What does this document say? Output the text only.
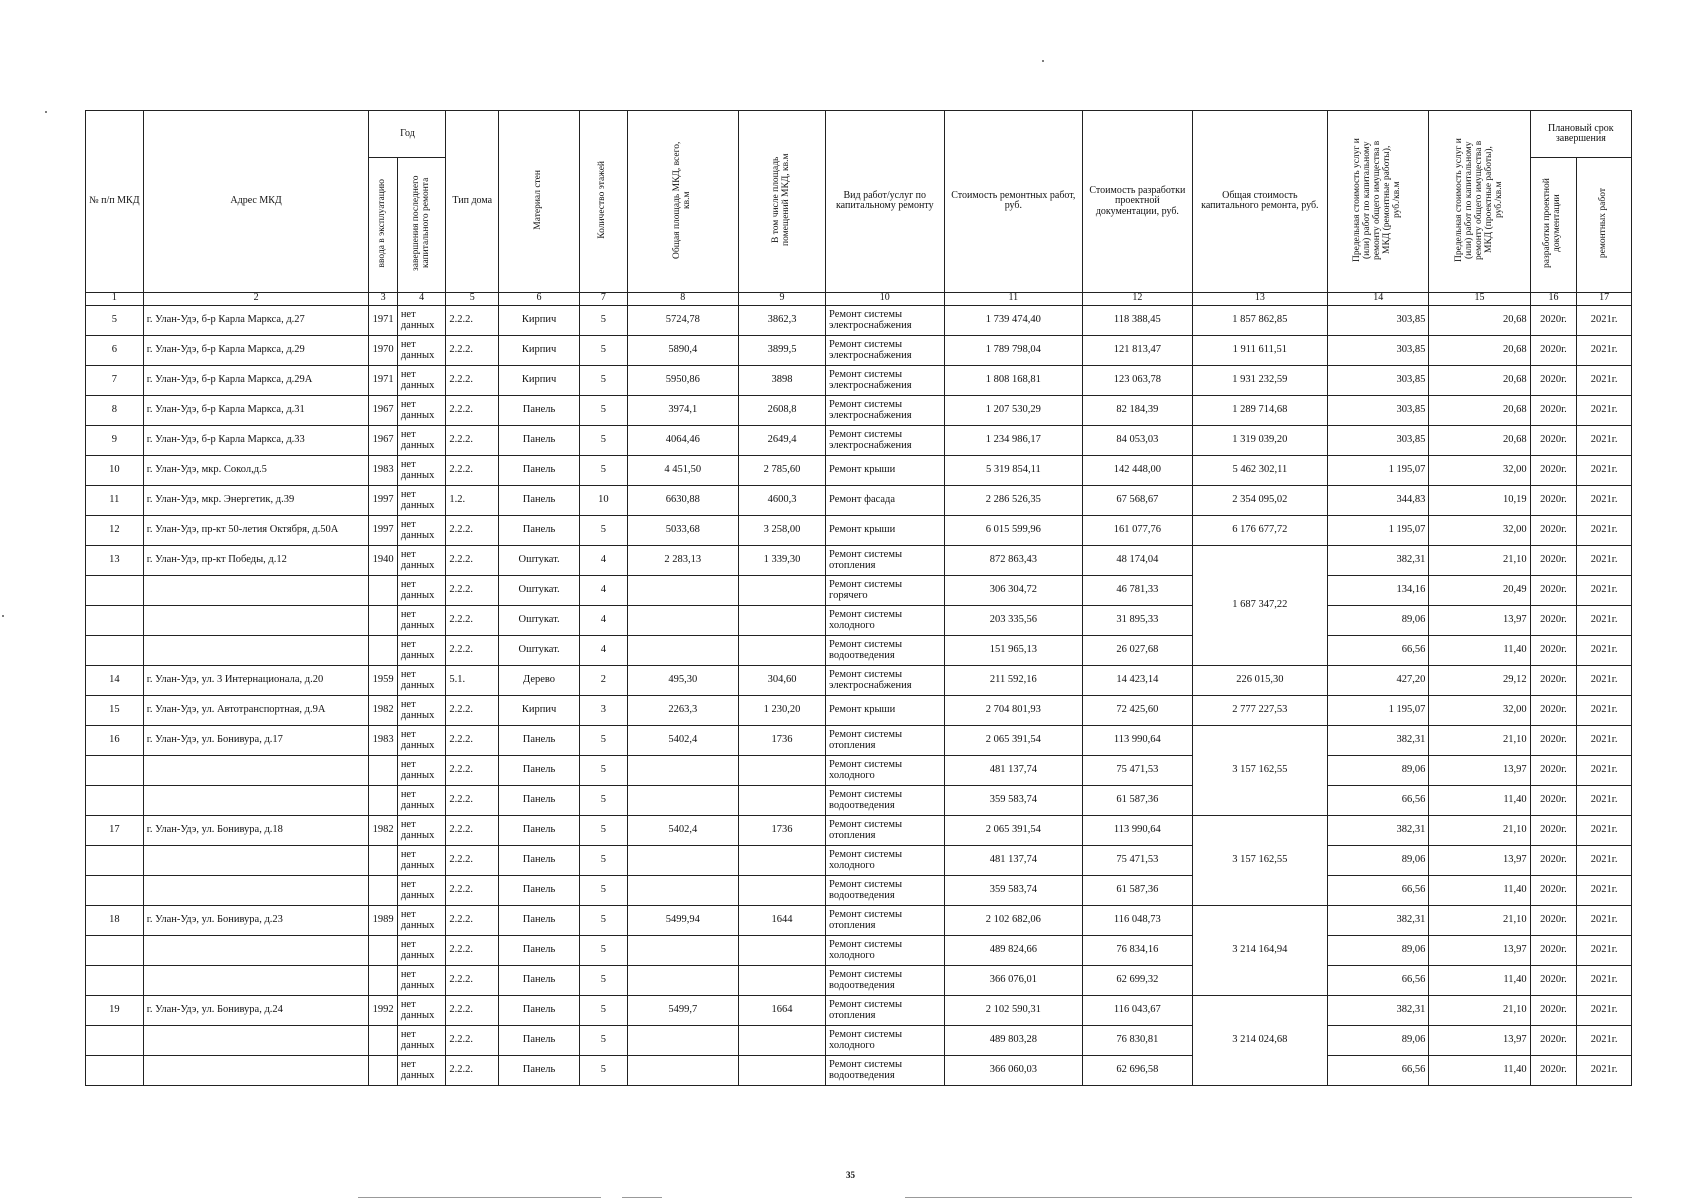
№ п/п МКД	Адрес МКД	Год		Тип дома	Материал стен	Количество этажей	Общая площадь МКД, всего, кв.м	В том числе площадь помещений МКД, кв.м	Вид работ/услуг по капитальному ремонту	Стоимость ремонтных работ, руб.	Стоимость разработки проектной документации, руб.	Общая стоимость капитального ремонта, руб.	Предельная стоимость услуг и (или) работ по капитальному ремонту общего имущества в МКД (ремонтные работы), руб./кв.м	Предельная стоимость услуг и (или) работ по капитальному ремонту общего имущества в МКД (проектные работы), руб./кв.м	Плановый срок завершения	
		ввода в эксплуатацию	завершения последнего капитального ремонта												разработки проектной документации	ремонтных работ
1	2	3	4	5	6	7	8	9	10	11	12	13	14	15	16	17
5	г. Улан-Удэ, б-р Карла Маркса, д.27	1971	нет данных	2.2.2.	Кирпич	5	5724,78	3862,3	Ремонт системы электроснабжения	1 739 474,40	118 388,45	1 857 862,85	303,85	20,68	2020г.	2021г.
6	г. Улан-Удэ, б-р Карла Маркса, д.29	1970	нет данных	2.2.2.	Кирпич	5	5890,4	3899,5	Ремонт системы электроснабжения	1 789 798,04	121 813,47	1 911 611,51	303,85	20,68	2020г.	2021г.
7	г. Улан-Удэ, б-р Карла Маркса, д.29А	1971	нет данных	2.2.2.	Кирпич	5	5950,86	3898	Ремонт системы электроснабжения	1 808 168,81	123 063,78	1 931 232,59	303,85	20,68	2020г.	2021г.
8	г. Улан-Удэ, б-р Карла Маркса, д.31	1967	нет данных	2.2.2.	Панель	5	3974,1	2608,8	Ремонт системы электроснабжения	1 207 530,29	82 184,39	1 289 714,68	303,85	20,68	2020г.	2021г.
9	г. Улан-Удэ, б-р Карла Маркса, д.33	1967	нет данных	2.2.2.	Панель	5	4064,46	2649,4	Ремонт системы электроснабжения	1 234 986,17	84 053,03	1 319 039,20	303,85	20,68	2020г.	2021г.
10	г. Улан-Удэ, мкр. Сокол,д.5	1983	нет данных	2.2.2.	Панель	5	4 451,50	2 785,60	Ремонт крыши	5 319 854,11	142 448,00	5 462 302,11	1 195,07	32,00	2020г.	2021г.
11	г. Улан-Удэ, мкр. Энергетик, д.39	1997	нет данных	1.2.	Панель	10	6630,88	4600,3	Ремонт фасада	2 286 526,35	67 568,67	2 354 095,02	344,83	10,19	2020г.	2021г.
12	г. Улан-Удэ, пр-кт 50-летия Октября, д.50А	1997	нет данных	2.2.2.	Панель	5	5033,68	3 258,00	Ремонт крыши	6 015 599,96	161 077,76	6 176 677,72	1 195,07	32,00	2020г.	2021г.
13	г. Улан-Удэ, пр-кт Победы, д.12	1940	нет данных	2.2.2.	Оштукат.	4	2 283,13	1 339,30	Ремонт системы отопления	872 863,43	48 174,04	1 687 347,22	382,31	21,10	2020г.	2021г.
			нет данных	2.2.2.	Оштукат.	4			Ремонт системы горячего	306 304,72	46 781,33		134,16	20,49	2020г.	2021г.
			нет данных	2.2.2.	Оштукат.	4			Ремонт системы холодного	203 335,56	31 895,33		89,06	13,97	2020г.	2021г.
			нет данных	2.2.2.	Оштукат.	4			Ремонт системы водоотведения	151 965,13	26 027,68		66,56	11,40	2020г.	2021г.
14	г. Улан-Удэ, ул. 3 Интернационала, д.20	1959	нет данных	5.1.	Дерево	2	495,30	304,60	Ремонт системы электроснабжения	211 592,16	14 423,14	226 015,30	427,20	29,12	2020г.	2021г.
15	г. Улан-Удэ, ул. Автотранспортная, д.9А	1982	нет данных	2.2.2.	Кирпич	3	2263,3	1 230,20	Ремонт крыши	2 704 801,93	72 425,60	2 777 227,53	1 195,07	32,00	2020г.	2021г.
16	г. Улан-Удэ, ул. Бонивура, д.17	1983	нет данных	2.2.2.	Панель	5	5402,4	1736	Ремонт системы отопления	2 065 391,54	113 990,64	3 157 162,55	382,31	21,10	2020г.	2021г.
			нет данных	2.2.2.	Панель	5			Ремонт системы холодного	481 137,74	75 471,53		89,06	13,97	2020г.	2021г.
			нет данных	2.2.2.	Панель	5			Ремонт системы водоотведения	359 583,74	61 587,36		66,56	11,40	2020г.	2021г.
17	г. Улан-Удэ, ул. Бонивура, д.18	1982	нет данных	2.2.2.	Панель	5	5402,4	1736	Ремонт системы отопления	2 065 391,54	113 990,64	3 157 162,55	382,31	21,10	2020г.	2021г.
			нет данных	2.2.2.	Панель	5			Ремонт системы холодного	481 137,74	75 471,53		89,06	13,97	2020г.	2021г.
			нет данных	2.2.2.	Панель	5			Ремонт системы водоотведения	359 583,74	61 587,36		66,56	11,40	2020г.	2021г.
18	г. Улан-Удэ, ул. Бонивура, д.23	1989	нет данных	2.2.2.	Панель	5	5499,94	1644	Ремонт системы отопления	2 102 682,06	116 048,73	3 214 164,94	382,31	21,10	2020г.	2021г.
			нет данных	2.2.2.	Панель	5			Ремонт системы холодного	489 824,66	76 834,16		89,06	13,97	2020г.	2021г.
			нет данных	2.2.2.	Панель	5			Ремонт системы водоотведения	366 076,01	62 699,32		66,56	11,40	2020г.	2021г.
19	г. Улан-Удэ, ул. Бонивура, д.24	1992	нет данных	2.2.2.	Панель	5	5499,7	1664	Ремонт системы отопления	2 102 590,31	116 043,67	3 214 024,68	382,31	21,10	2020г.	2021г.
			нет данных	2.2.2.	Панель	5			Ремонт системы холодного	489 803,28	76 830,81		89,06	13,97	2020г.	2021г.
			нет данных	2.2.2.	Панель	5			Ремонт системы водоотведения	366 060,03	62 696,58		66,56	11,40	2020г.	2021г.
35
